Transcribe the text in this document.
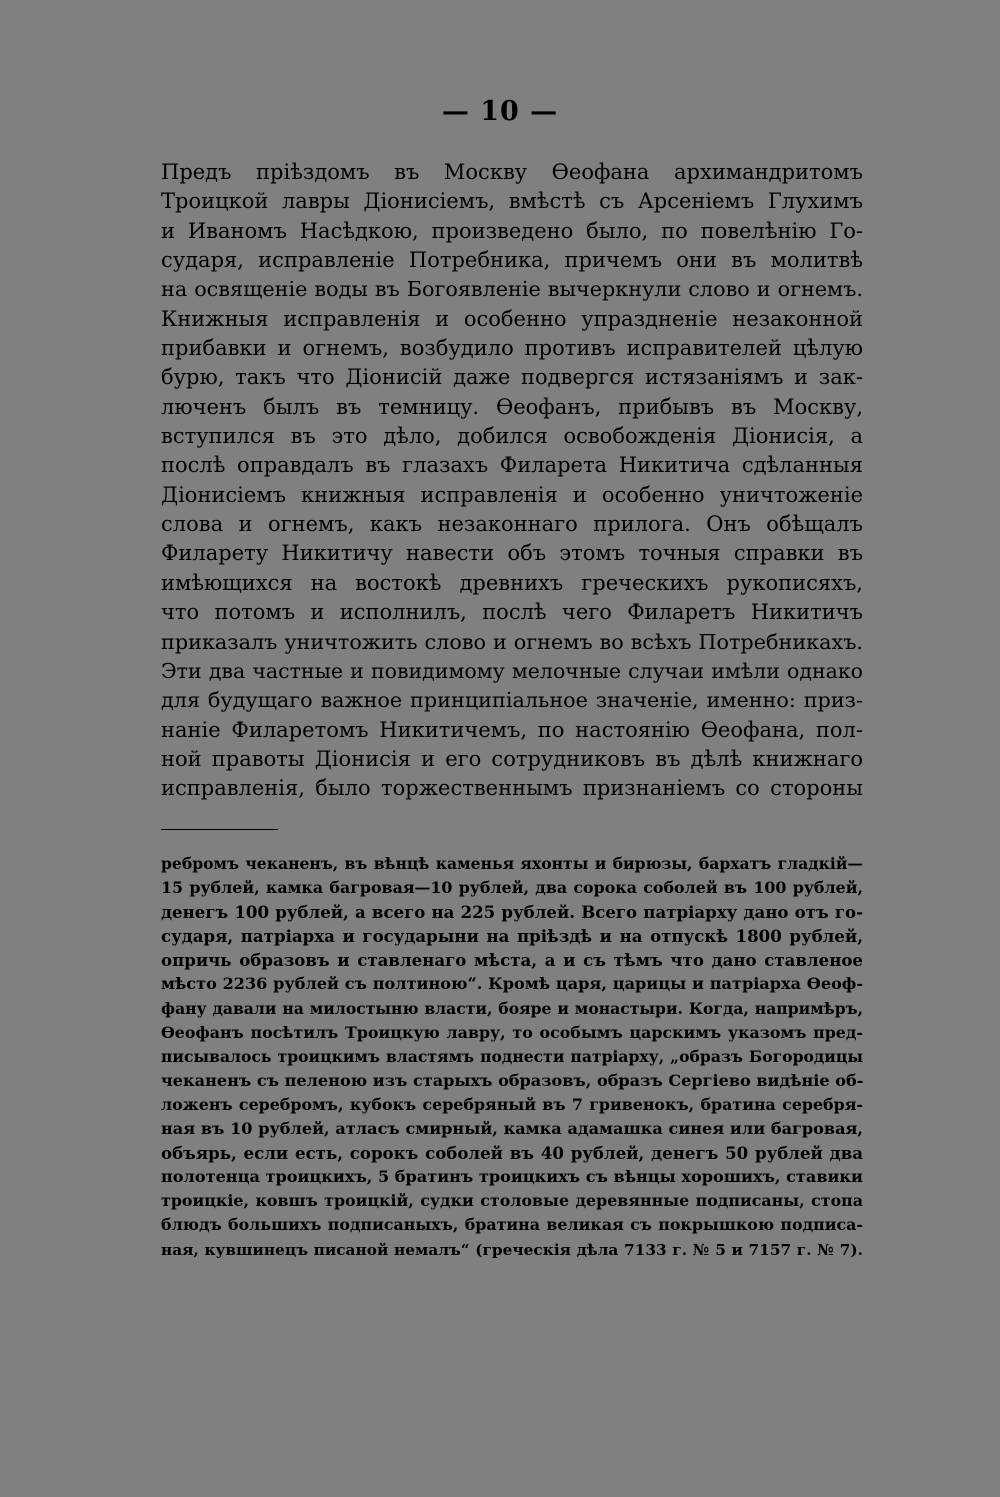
— 10 —
Предъ пріѣздомъ въ Москву Ѳеофана архимандритомъ
Троицкой лавры Діонисіемъ, вмѣстѣ съ Арсеніемъ Глухимъ
и Иваномъ Насѣдкою, произведено было, по повелѣнію Го-
сударя, исправленіе Потребника, причемъ они въ молитвѣ
на освященіе воды въ Богоявленіе вычеркнули слово и огнемъ.
Книжныя исправленія и особенно упраздненіе незаконной
прибавки и огнемъ, возбудило противъ исправителей цѣлую
бурю, такъ что Діонисій даже подвергся истязаніямъ и зак-
люченъ былъ въ темницу. Ѳеофанъ, прибывъ въ Москву,
вступился въ это дѣло, добился освобожденія Діонисія, а
послѣ оправдалъ въ глазахъ Филарета Никитича сдѣланныя
Діонисіемъ книжныя исправленія и особенно уничтоженіе
слова и огнемъ, какъ незаконнаго прилога. Онъ обѣщалъ
Филарету Никитичу навести объ этомъ точныя справки въ
имѣющихся на востокѣ древнихъ греческихъ рукописяхъ,
что потомъ и исполнилъ, послѣ чего Филаретъ Никитичъ
приказалъ уничтожить слово и огнемъ во всѣхъ Потребникахъ.
Эти два частные и повидимому мелочные случаи имѣли однако
для будущаго важное принципіальное значеніе, именно: приз-
наніе Филаретомъ Никитичемъ, по настоянію Ѳеофана, пол-
ной правоты Діонисія и его сотрудниковъ въ дѣлѣ книжнаго
исправленія, было торжественнымъ признаніемъ со стороны
ребромъ чеканенъ, въ вѣнцѣ каменья яхонты и бирюзы, бархатъ гладкій—
15 рублей, камка багровая—10 рублей, два сорока соболей въ 100 рублей,
денегъ 100 рублей, а всего на 225 рублей. Всего патріарху дано отъ го-
сударя, патріарха и государыни на пріѣздѣ и на отпускѣ 1800 рублей,
опричь образовъ и ставленаго мѣста, а и съ тѣмъ что дано ставленое
мѣсто 2236 рублей съ полтиною“. Кромѣ царя, царицы и патріарха Ѳеоф-
фану давали на милостыню власти, бояре и монастыри. Когда, напримѣръ,
Ѳеофанъ посѣтилъ Троицкую лавру, то особымъ царскимъ указомъ пред-
писывалось троицкимъ властямъ поднести патріарху, „образъ Богородицы
чеканенъ съ пеленою изъ старыхъ образовъ, образъ Сергіево видѣніе об-
ложенъ серебромъ, кубокъ серебряный въ 7 гривенокъ, братина серебря-
ная въ 10 рублей, атласъ смирный, камка адамашка синея или багровая,
объярь, если есть, сорокъ соболей въ 40 рублей, денегъ 50 рублей два
полотенца троицкихъ, 5 братинъ троицкихъ съ вѣнцы хорошихъ, ставики
троицкіе, ковшъ троицкій, судки столовые деревянные подписаны, стопа
блюдъ большихъ подписаныхъ, братина великая съ покрышкою подписа-
ная, кувшинецъ писаной немалъ“ (греческія дѣла 7133 г. № 5 и 7157 г. № 7).
